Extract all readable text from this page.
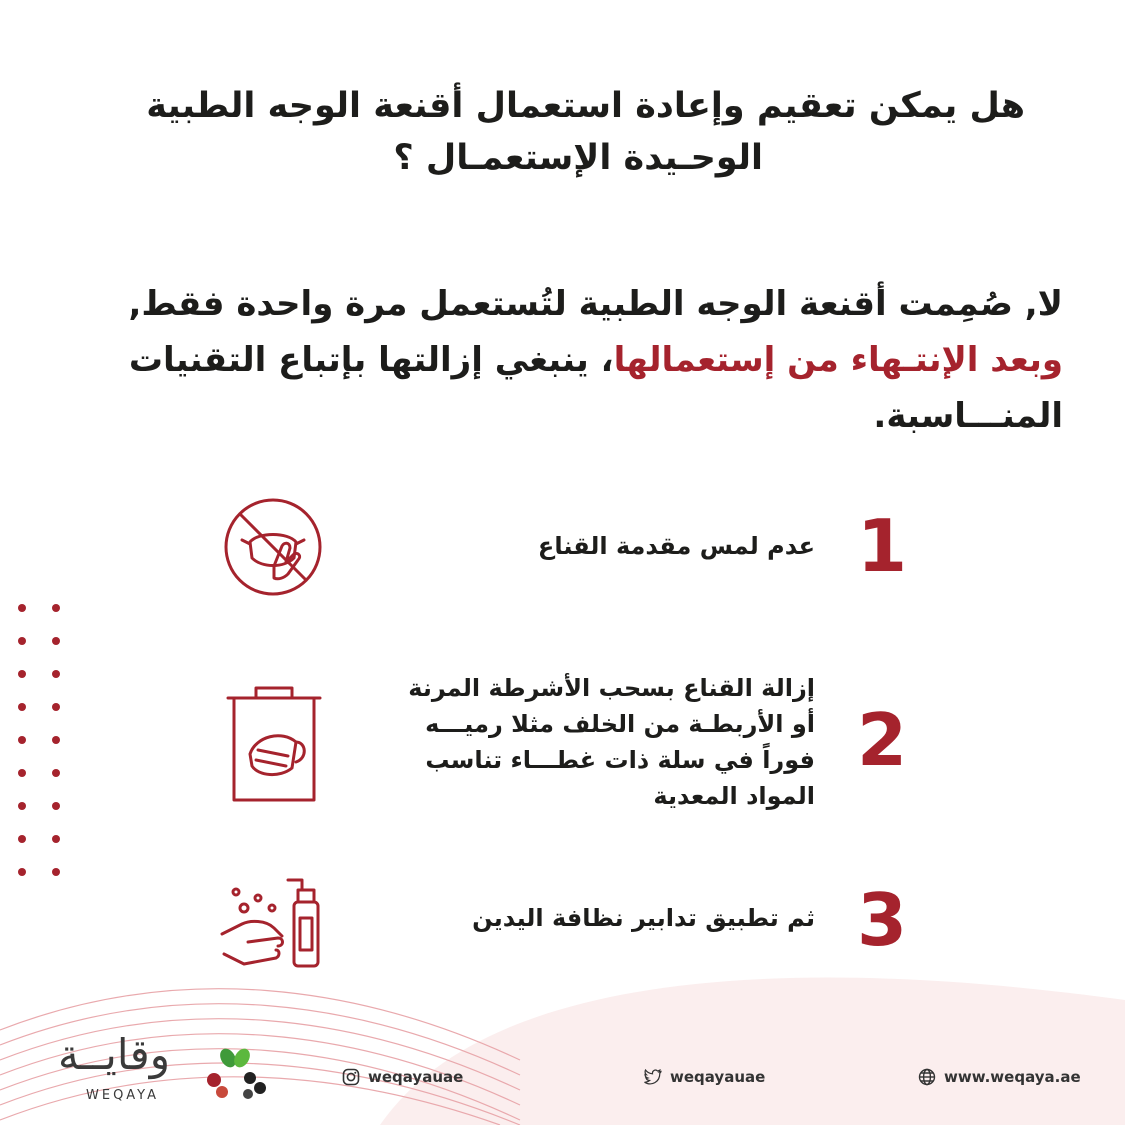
هل يمكن تعقيم وإعادة استعمال أقنعة الوجه الطبية
الوحـيدة الإستعمـال ؟
لا, صُمِمت أقنعة الوجه الطبية لتُستعمل مرة واحدة فقط,
وبعد الإنتـهاء من إستعمالها، ينبغي إزالتها بإتباع التقنيات
المنـــاسبة.
1
عدم لمس مقدمة القناع
2
إزالة القناع بسحب الأشرطة المرنة
أو الأربطـة من الخلف مثلا رميـــه
فوراً في سلة ذات غطـــاء تناسب
المواد المعدية
3
ثم تطبيق تدابير نظافة اليدين
وقايــة
WEQAYA
weqayauae	weqayauae	www.weqaya.ae
